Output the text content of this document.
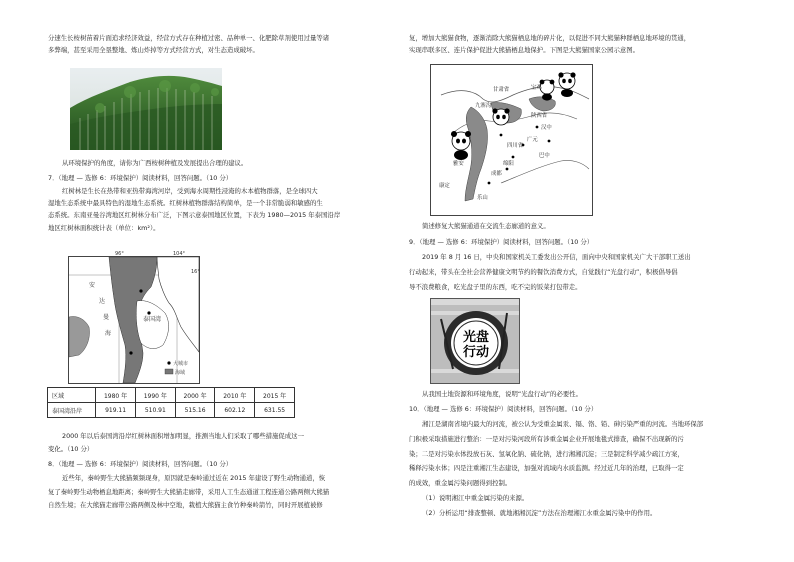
分速生长桉树苗着片面追求经济效益，经营方式存在种植过密、品种单一、化肥除草剂使用过量等诸
多弊端，甚至采用全垦整地、炼山炸掉等方式经营方式，对生态造成破坏。
从环境保护的角度，请你为广西桉树种植及发展提出合理的建议。
7．（地理 — 选修 6：环境保护）阅读材料，回答问题。（10 分）
红树林是生长在热带和亚热带海湾河岸，受到海水周期性浸淹的木本植物群落，是全球四大
湿地生态系统中最具特色的湿地生态系统。红树林植物群落结构简单，是一个非常脆弱和敏感的生
态系统。东南亚曼谷湾地区红树林分布广泛，下图示意泰国地区位置，下表为 1980—2015 年泰国沿岸
地区红树林面积统计表（单位：km²）。
96°	104°
16°
安
达
曼
海
泰国湾
大城市
海域
区域	1980 年	1990 年	2000 年	2010 年	2015 年
泰国湾沿岸	919.11	510.91	515.16	602.12	631.55
2000 年以后泰国湾沿岸红树林面积增加明显，推测当地人们采取了哪些措施促成这一
变化。（10 分）
8．（地理 — 选修 6：环境保护）阅读材料，回答问题。（10 分）
近些年，秦岭野生大熊猫频频现身，原因就是秦岭通过近在 2015 年建设了野生动物通道，恢
复了秦岭野生动物栖息地距离；秦岭野生大熊猫走廊带，采用人工生态通道工程连通公路两侧大熊猫
自然生境；在大熊猫走廊带公路两侧及林中空地，栽植大熊猫主食竹种秦岭箭竹，同时开展植被修
复，增加大熊猫食物，逐渐消除大熊猫栖息地的碎片化，以促进不同大熊猫种群栖息地环境的贯通，
实现串联多区、连片保护促进大熊猫栖息地保护。下图是大熊猫国家公园示意图。
甘肃省
九寨沟
陕西省
宝鸡
汉中
广元
四川省
绵阳
巴中
雅安
成都
康定
乐山
简述修复大熊猫通道在交流生态廊道的意义。
9．（地理 — 选修 6：环境保护）阅读材料，回答问题。（10 分）
2019 年 8 月 16 日，中央和国家机关工委发出公开信，面向中央和国家机关广大干部职工送出
行动起来，带头在全社会营养健康文明节约的餐饮消费方式，自觉践行“光盘行动”，积极倡导倡
导不浪费粮食，吃光盘子里的东西，吃不完的饭菜打包带走。
光盘
行动
从我国土地资源和环境角度，说明“光盘行动”的必要性。
10．（地理 — 选修 6：环境保护）阅读材料，回答问题。（10 分）
湘江是湖南省境内最大的河流，被公认为受重金属汞、镉、铬、铅、砷污染严重的河流。当地环保部
门积极采取措施进行整治：一是对污染河段所有涉重金属企业开展地毯式排查，确保不出现新的污
染；二是对污染水体投放石灰、氢氧化钠、硫化钠，进行湘湘沉淀；三是制定科学减少疏江方案，
稀释污染水体；四是注重湘江生态建设，加强对流域内水质监测。经过近几年的治理，已取得一定
的成效，重金属污染问题得到控制。
（1）说明湘江中重金属污染的来源。
（2）分析运用“排查整顿、就地湘湘沉淀”方法在治理湘江水重金属污染中的作用。
